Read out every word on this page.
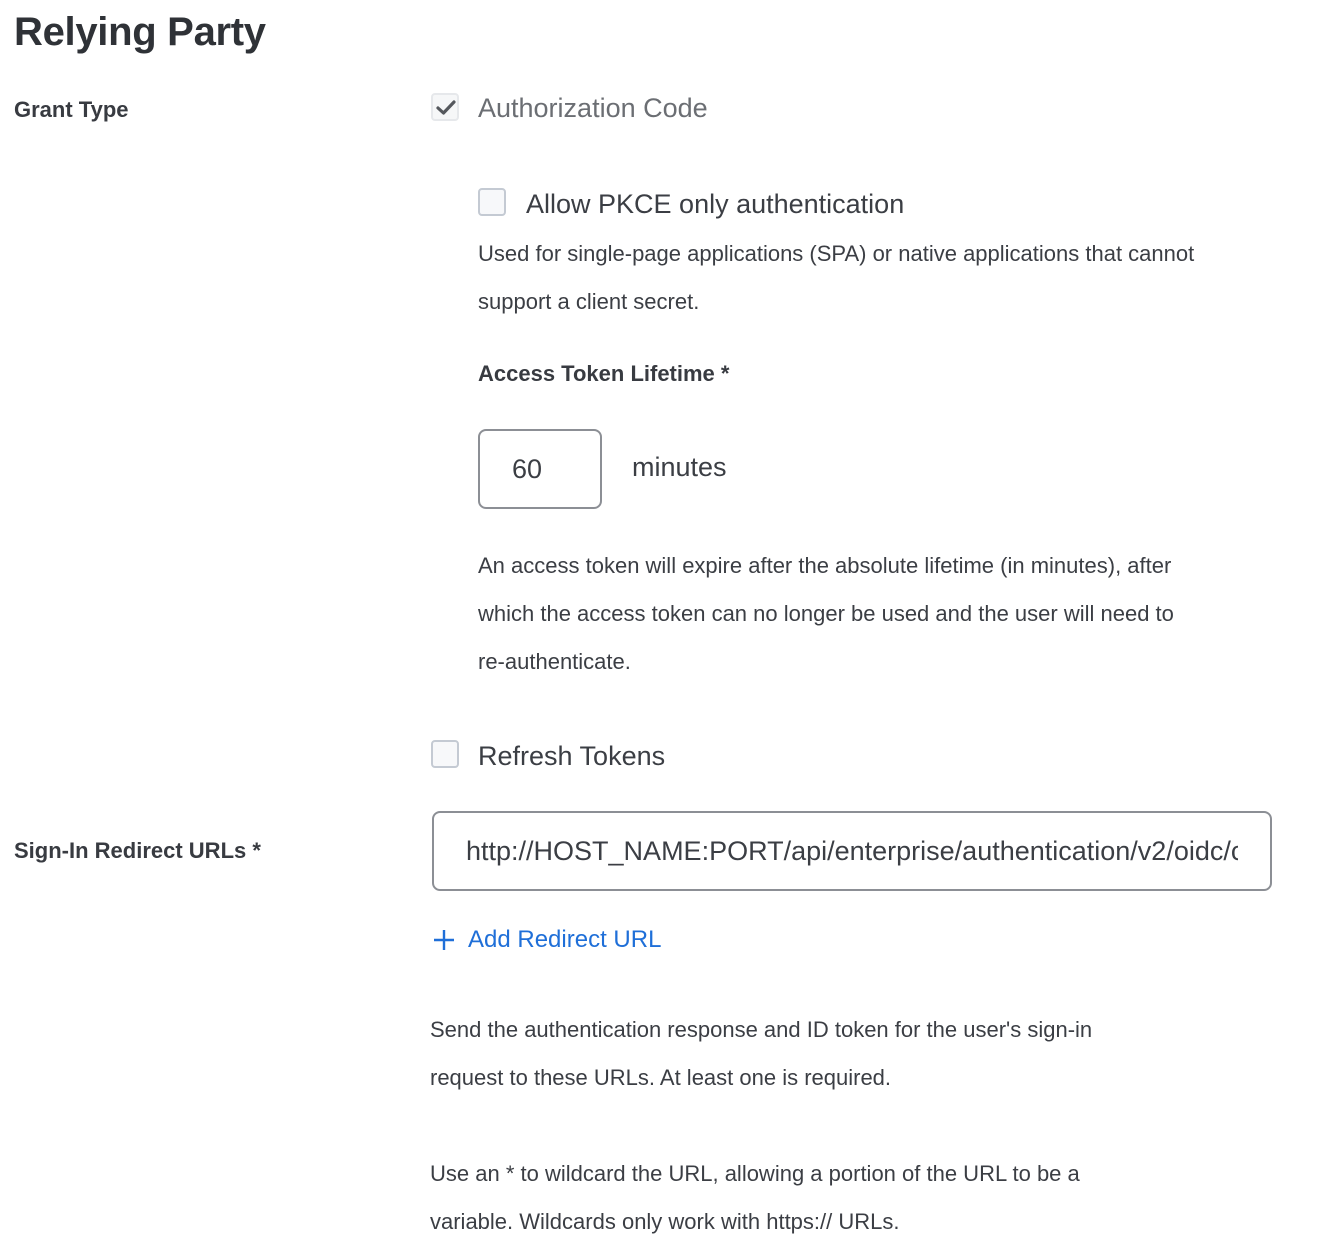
Relying Party
Grant Type	Authorization Code
Allow PKCE only authentication
Used for single-page applications (SPA) or native applications that cannot
support a client secret.
Access Token Lifetime *
60
minutes
An access token will expire after the absolute lifetime (in minutes), after
which the access token can no longer be used and the user will need to
re-authenticate.
Refresh Tokens
Sign-In Redirect URLs *
http://HOST_NAME:PORT/api/enterprise/authentication/v2/oidc/callback
Add Redirect URL
Send the authentication response and ID token for the user's sign-in
request to these URLs. At least one is required.
Use an * to wildcard the URL, allowing a portion of the URL to be a
variable. Wildcards only work with https:// URLs.
